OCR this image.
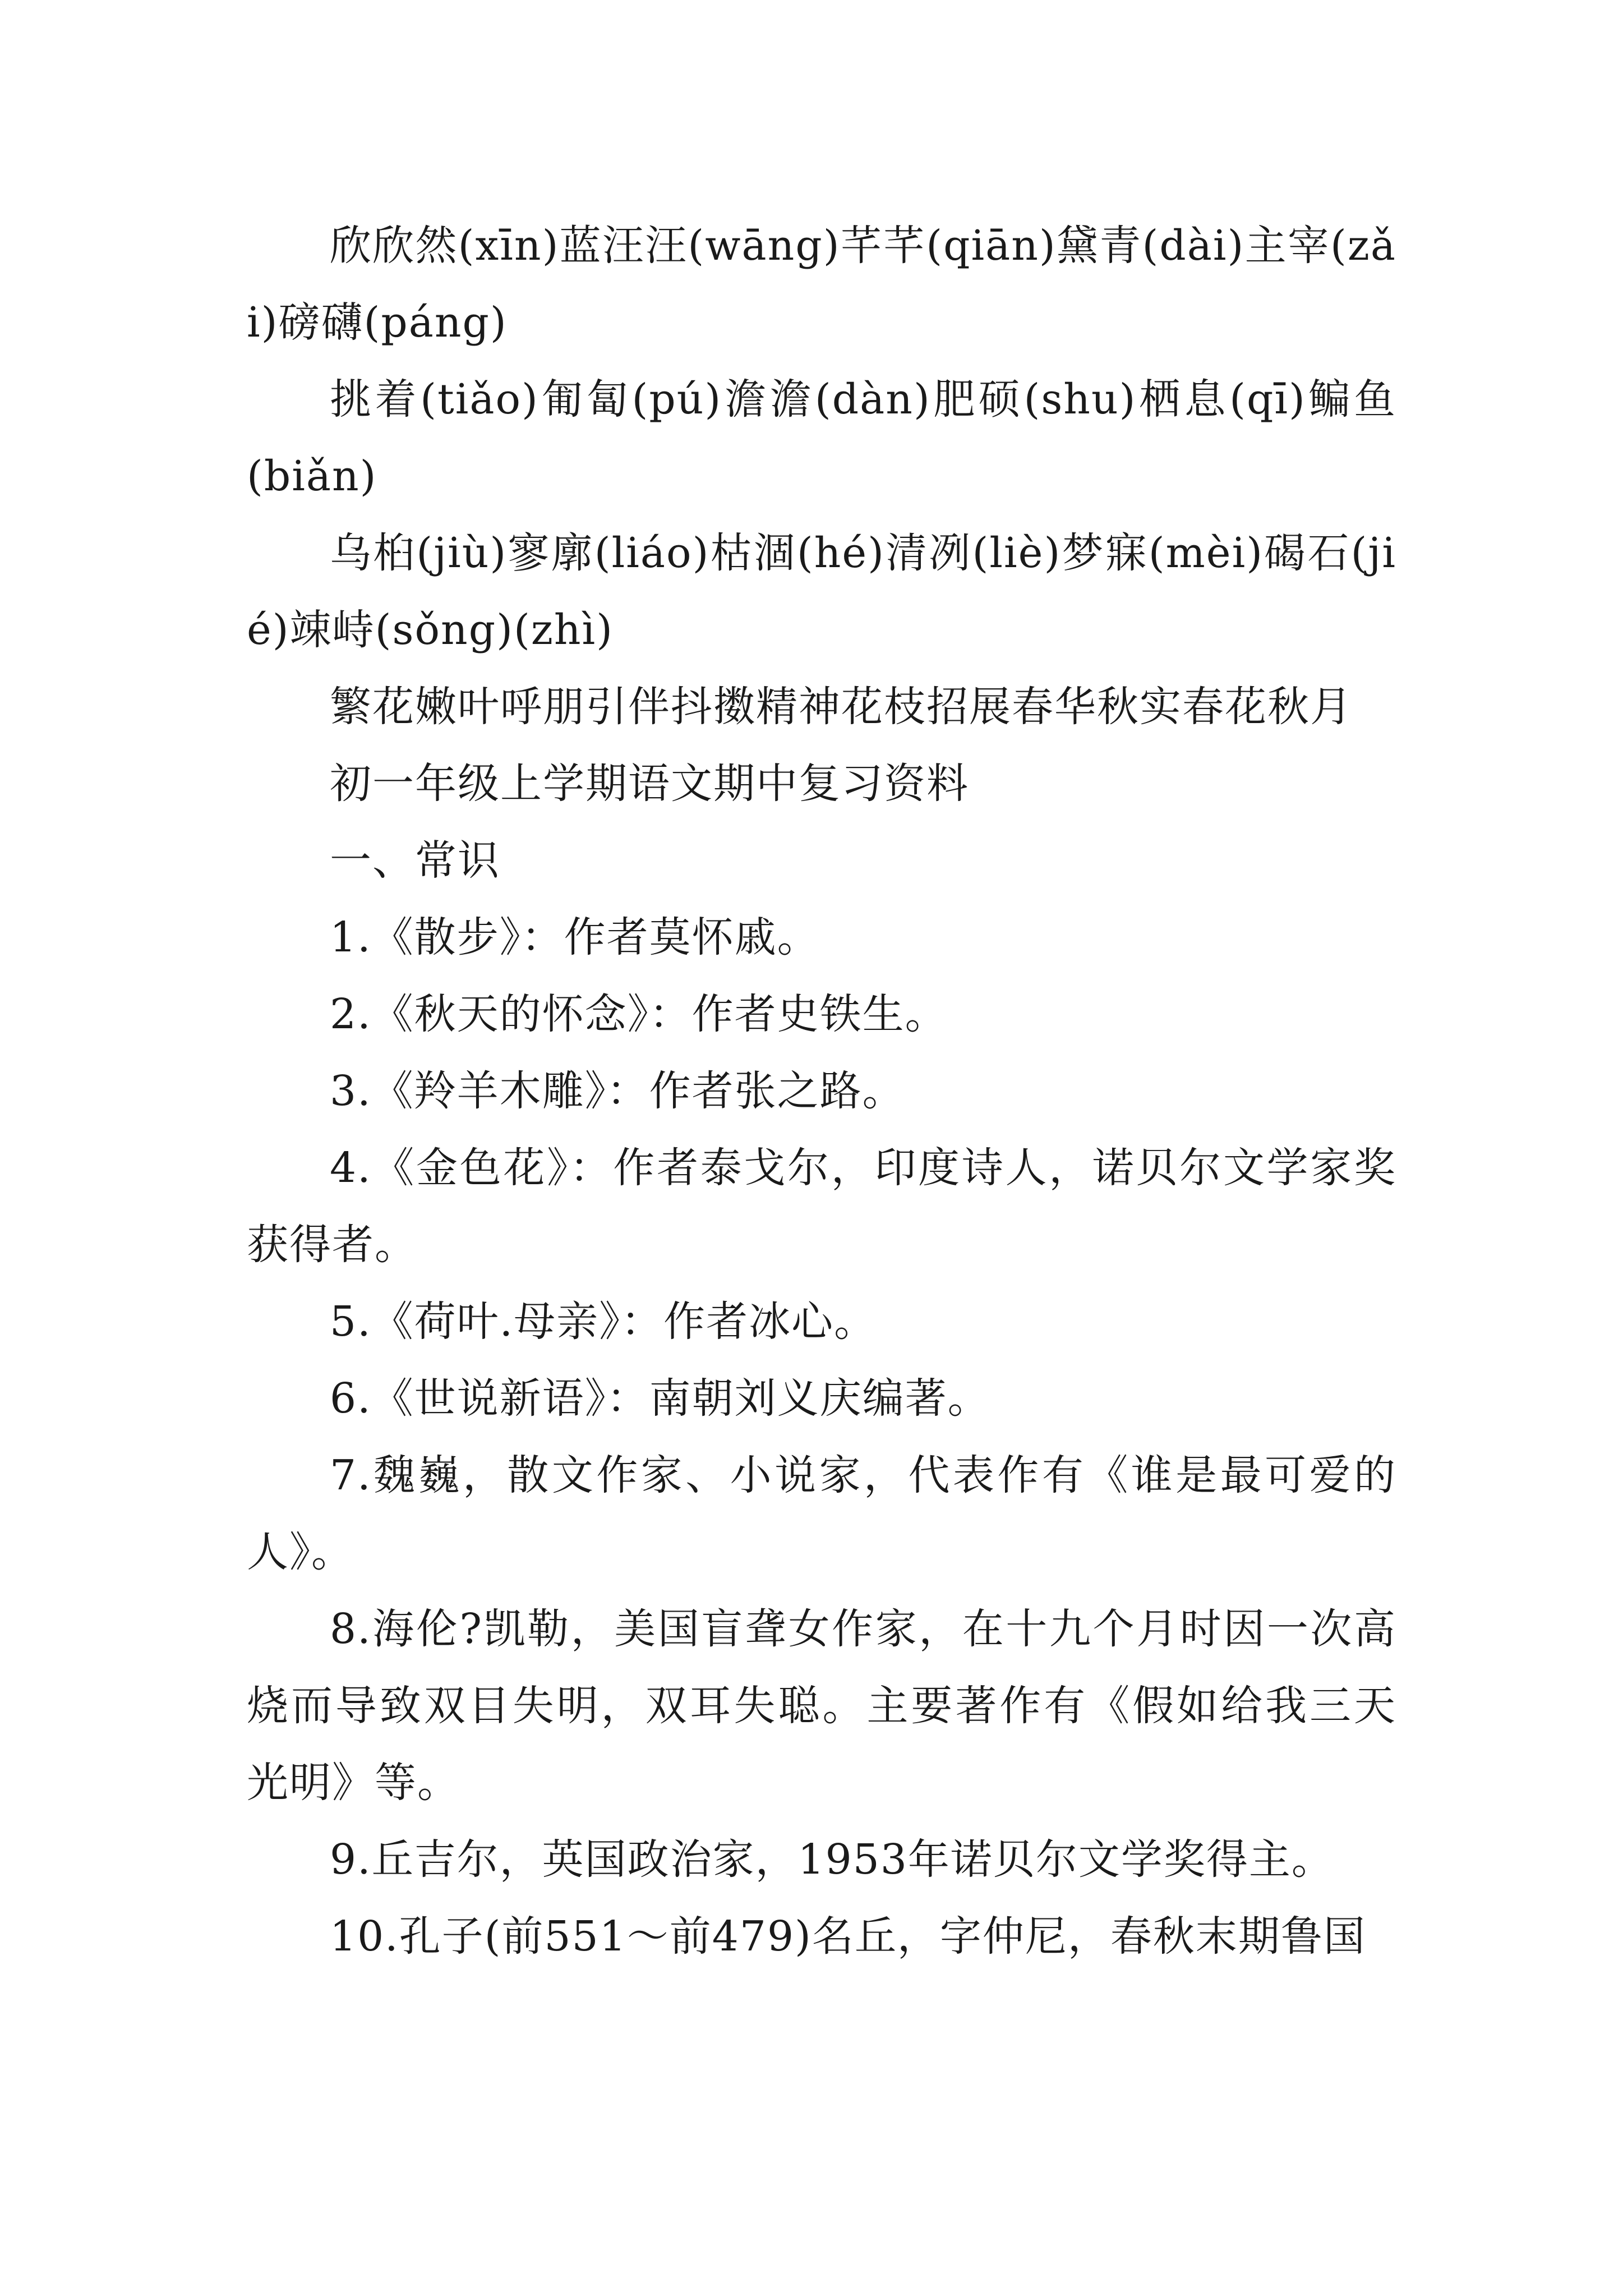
欣欣然(xīn)蓝汪汪(wāng)芊芊(qiān)黛青(dài)主宰(zǎi)磅礴(páng)

挑着(tiǎo)匍匐(pú)澹澹(dàn)肥硕(shu)栖息(qī)鳊鱼(biǎn)

乌桕(jiù)寥廓(liáo)枯涸(hé)清冽(liè)梦寐(mèi)碣石(jié)竦峙(sǒng)(zhì)

繁花嫩叶呼朋引伴抖擞精神花枝招展春华秋实春花秋月

初一年级上学期语文期中复习资料

一、常识

1.《散步》：作者莫怀戚。

2.《秋天的怀念》：作者史铁生。

3.《羚羊木雕》：作者张之路。

4.《金色花》：作者泰戈尔，印度诗人，诺贝尔文学家奖获得者。

5.《荷叶.母亲》：作者冰心。

6.《世说新语》：南朝刘义庆编著。

7.魏巍，散文作家、小说家，代表作有《谁是最可爱的人》。

8.海伦?凯勒，美国盲聋女作家，在十九个月时因一次高烧而导致双目失明，双耳失聪。主要著作有《假如给我三天光明》等。

9.丘吉尔，英国政治家，1953年诺贝尔文学奖得主。

10.孔子(前551～前479)名丘，字仲尼，春秋末期鲁国
